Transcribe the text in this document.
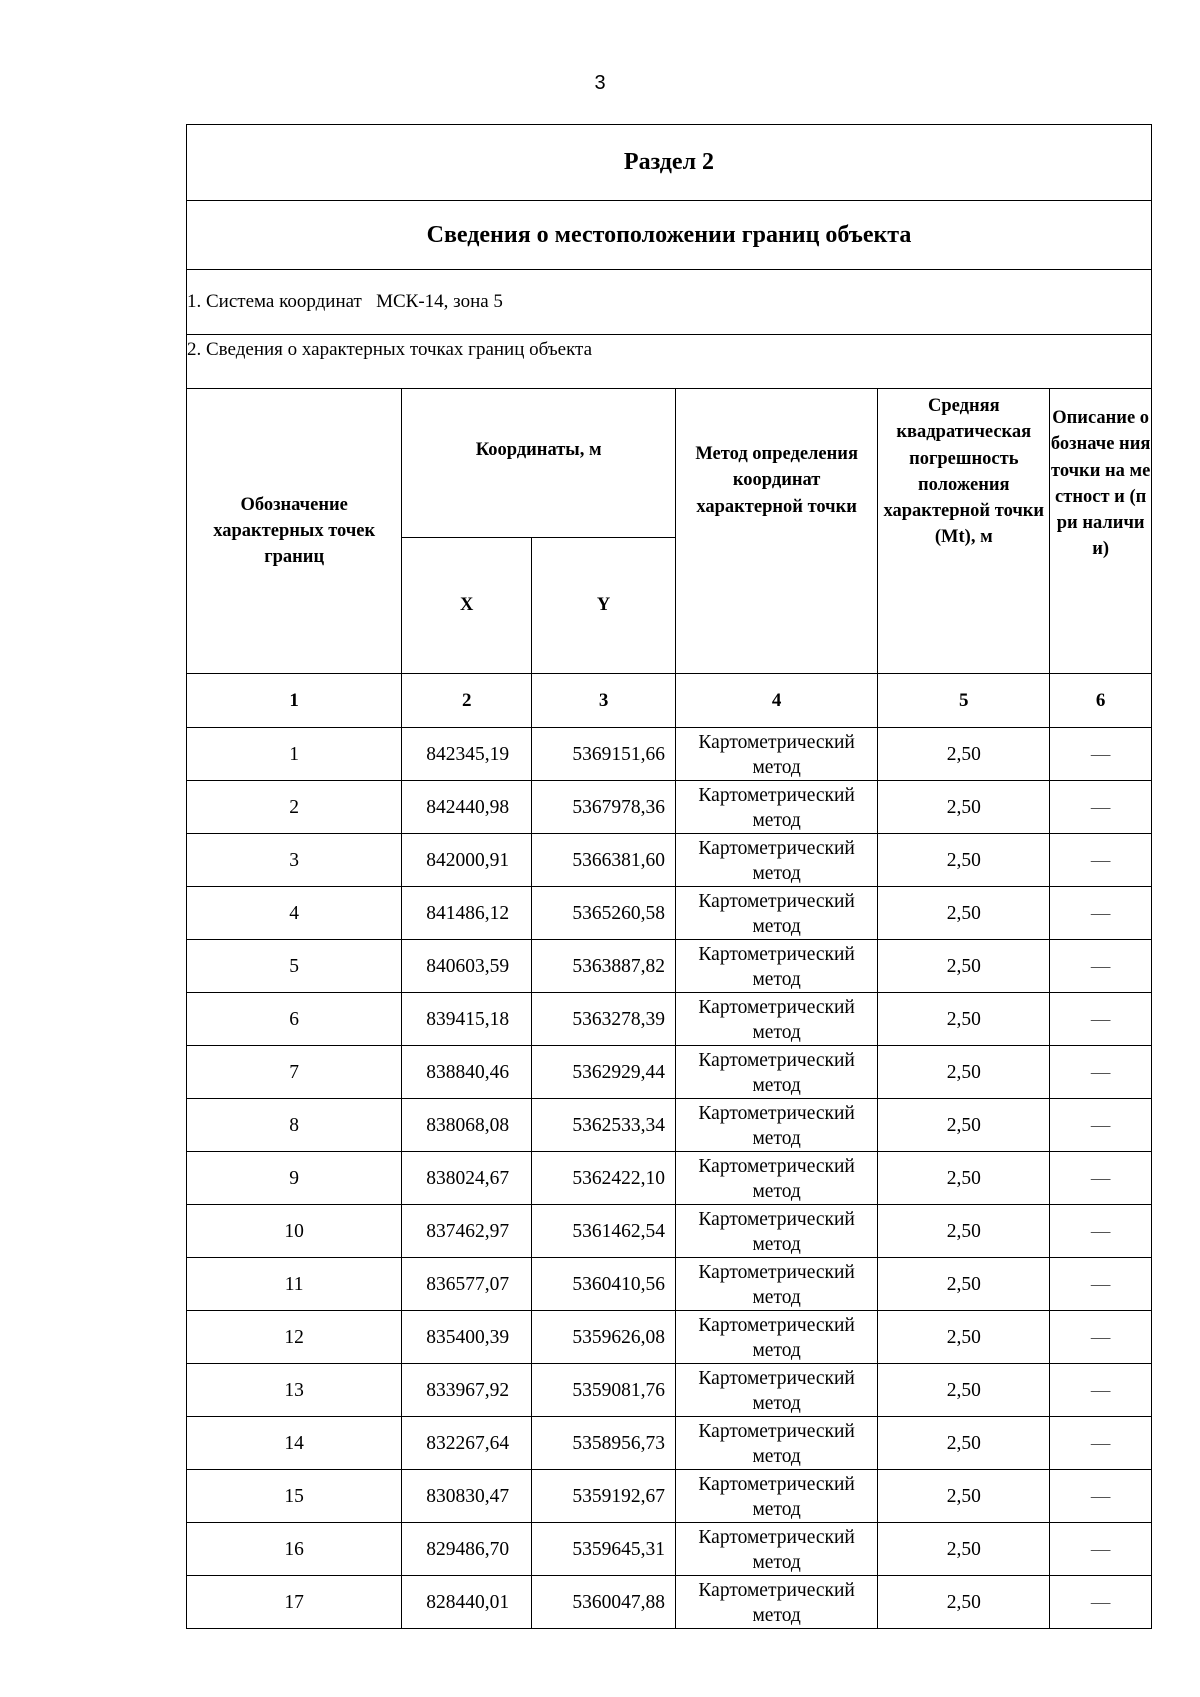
3
Раздел 2					
Сведения о местоположении границ объекта					
1. Система координат МСК-14, зона 5					

2. Сведения о характерных точках границ объекта					

Обозначение характерных точек границ	Координаты, м		Метод определения координат характерной точки	Средняя квадратическая погрешность положения характерной точки (Mt), м	Описание обозначе ния точки на местност и (при наличии)

	X	Y			
1	2	3	4	5	6

1	842345,19	5369151,66	Картометрический метод	2,50	—

2	842440,98	5367978,36	Картометрический метод	2,50	—

3	842000,91	5366381,60	Картометрический метод	2,50	—

4	841486,12	5365260,58	Картометрический метод	2,50	—

5	840603,59	5363887,82	Картометрический метод	2,50	—

6	839415,18	5363278,39	Картометрический метод	2,50	—

7	838840,46	5362929,44	Картометрический метод	2,50	—

8	838068,08	5362533,34	Картометрический метод	2,50	—

9	838024,67	5362422,10	Картометрический метод	2,50	—

10	837462,97	5361462,54	Картометрический метод	2,50	—

11	836577,07	5360410,56	Картометрический метод	2,50	—

12	835400,39	5359626,08	Картометрический метод	2,50	—

13	833967,92	5359081,76	Картометрический метод	2,50	—

14	832267,64	5358956,73	Картометрический метод	2,50	—

15	830830,47	5359192,67	Картометрический метод	2,50	—

16	829486,70	5359645,31	Картометрический метод	2,50	—

17	828440,01	5360047,88	Картометрический метод	2,50	—
